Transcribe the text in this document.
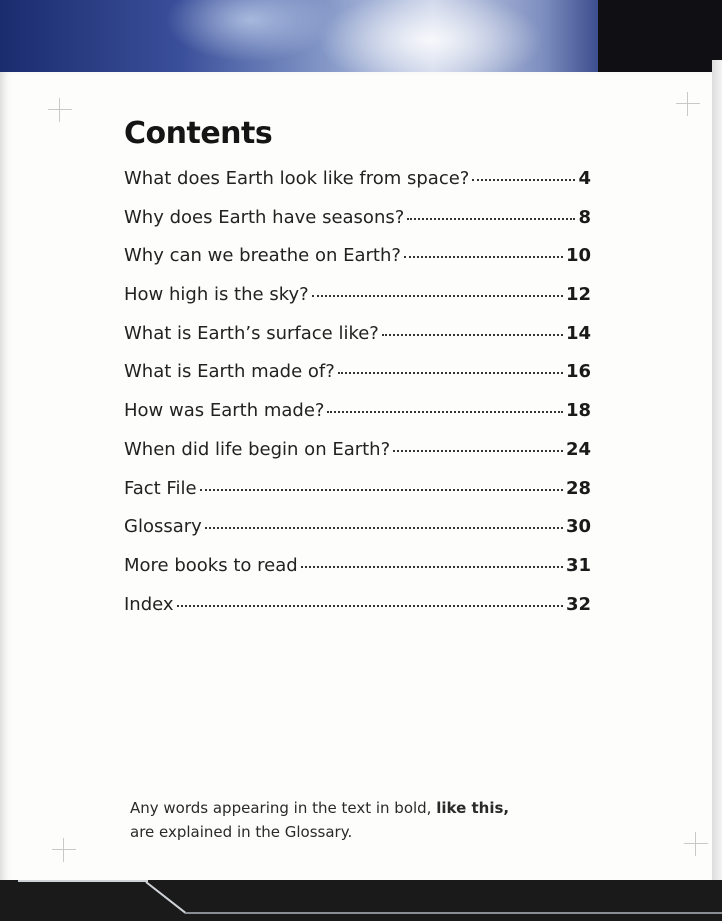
Contents
What does Earth look like from space?	4
Why does Earth have seasons?	8
Why can we breathe on Earth?	10
How high is the sky?	12
What is Earth’s surface like?	14
What is Earth made of?	16
How was Earth made?	18
When did life begin on Earth?	24
Fact File	28
Glossary	30
More books to read	31
Index	32

Any words appearing in the text in bold, like this,
are explained in the Glossary.
